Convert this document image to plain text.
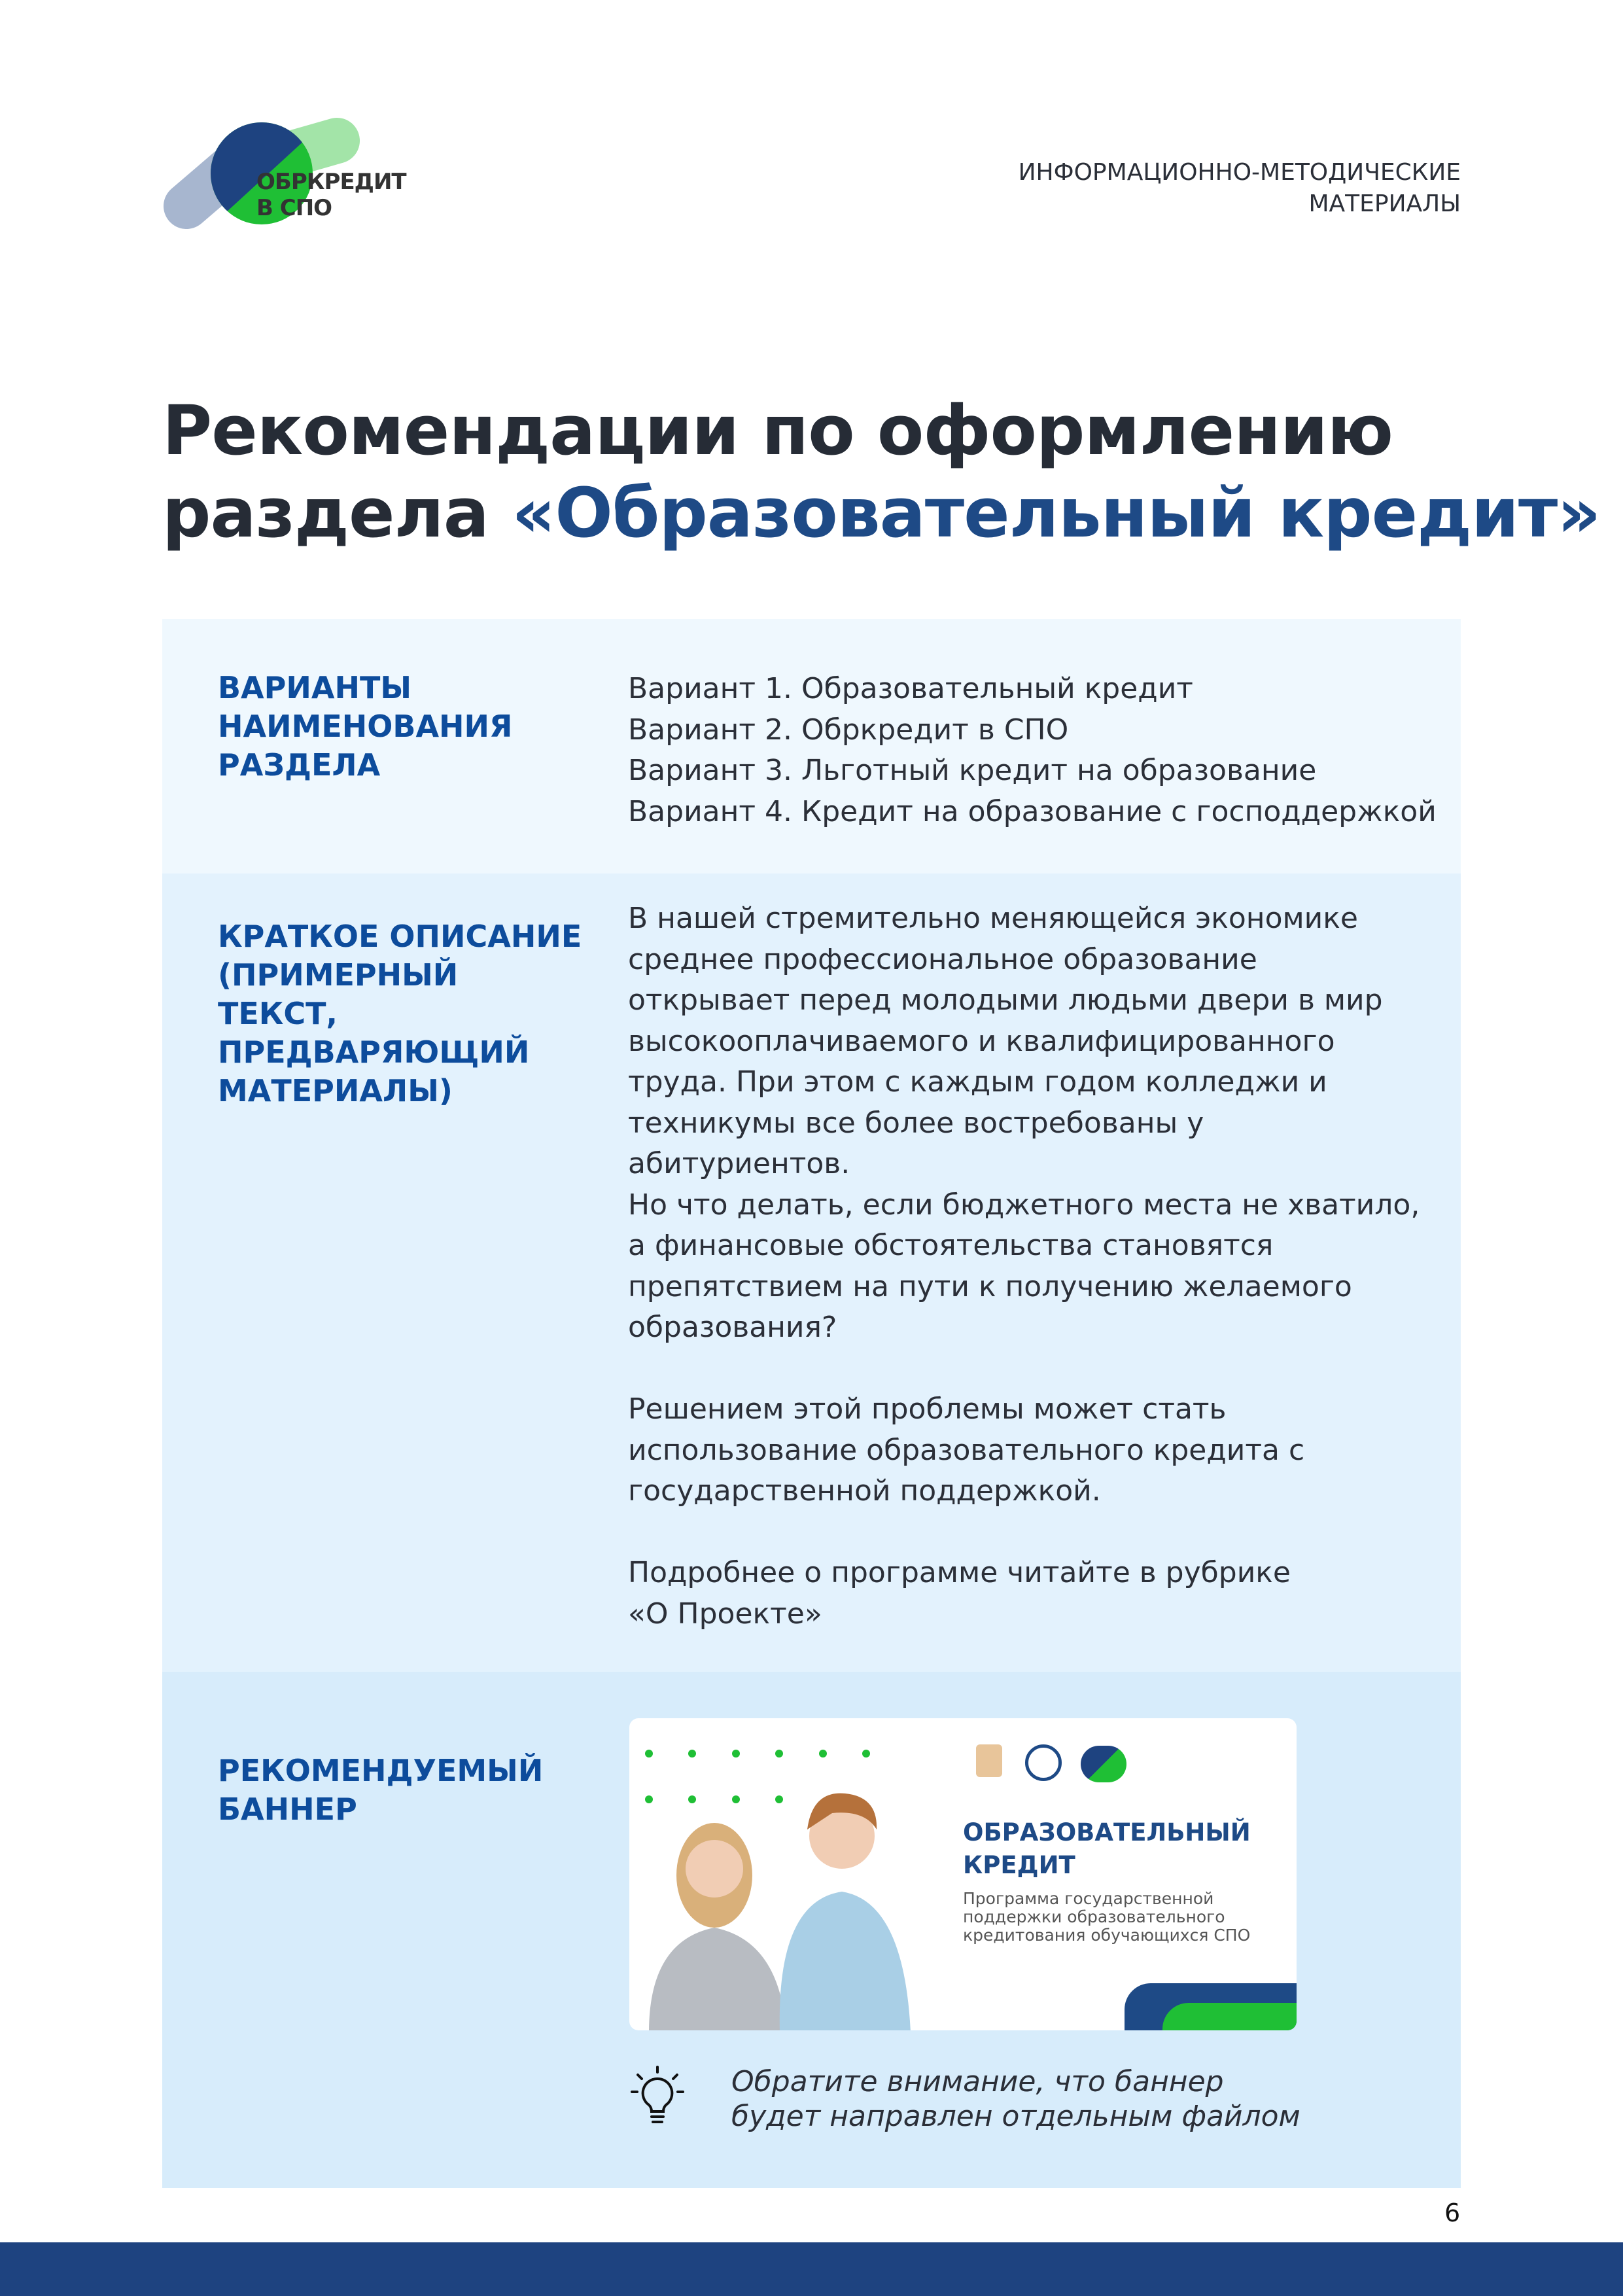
ОБРКРЕДИТ
В СПО
ИНФОРМАЦИОННО-МЕТОДИЧЕСКИЕ
МАТЕРИАЛЫ
Рекомендации по оформлению
раздела «Образовательный кредит»
ВАРИАНТЫ НАИМЕНОВАНИЯ РАЗДЕЛА
Вариант 1. Образовательный кредит
Вариант 2. Обркредит в СПО
Вариант 3. Льготный кредит на образование
Вариант 4. Кредит на образование с господдержкой
КРАТКОЕ ОПИСАНИЕ (ПРИМЕРНЫЙ ТЕКСТ, ПРЕДВАРЯЮЩИЙ МАТЕРИАЛЫ)
В нашей стремительно меняющейся экономике
среднее профессиональное образование
открывает перед молодыми людьми двери в мир
высокооплачиваемого и квалифицированного
труда. При этом с каждым годом колледжи и
техникумы все более востребованы у
абитуриентов.
Но что делать, если бюджетного места не хватило,
а финансовые обстоятельства становятся
препятствием на пути к получению желаемого
образования?

Решением этой проблемы может стать
использование образовательного кредита с
государственной поддержкой.

Подробнее о программе читайте в рубрике
«О Проекте»
РЕКОМЕНДУЕМЫЙ БАННЕР
ОБРАЗОВАТЕЛЬНЫЙ КРЕДИТ
Программа государственной поддержки образовательного кредитования обучающихся СПО
Обратите внимание, что баннер
будет направлен отдельным файлом
6
